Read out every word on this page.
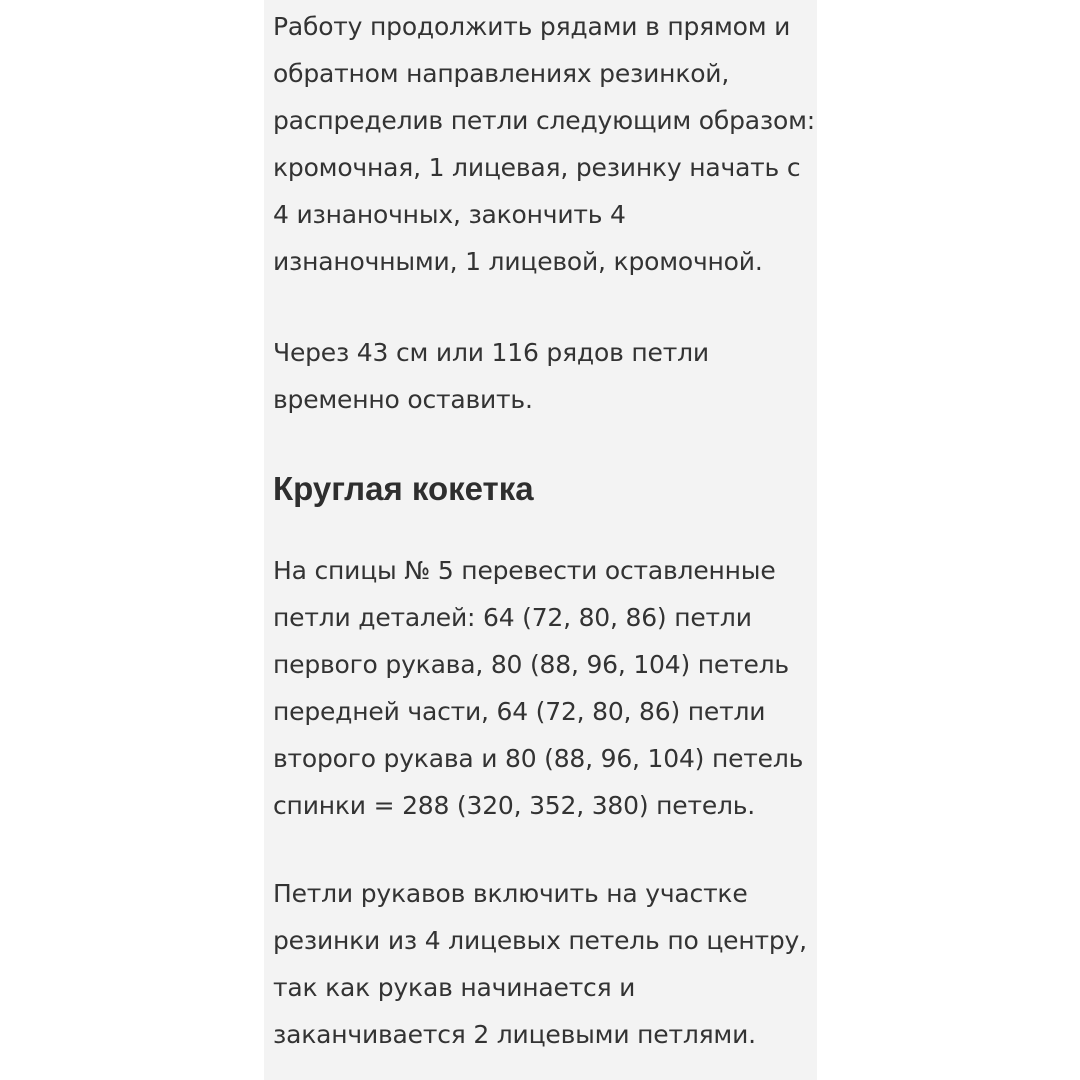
Работу продолжить рядами в прямом и
обратном направлениях резинкой,
распределив петли следующим образом:
кромочная, 1 лицевая, резинку начать с
4 изнаночных, закончить 4
изнаночными, 1 лицевой, кромочной.

Через 43 см или 116 рядов петли
временно оставить.

Круглая кокетка

На спицы № 5 перевести оставленные
петли деталей: 64 (72, 80, 86) петли
первого рукава, 80 (88, 96, 104) петель
передней части, 64 (72, 80, 86) петли
второго рукава и 80 (88, 96, 104) петель
спинки = 288 (320, 352, 380) петель.

Петли рукавов включить на участке
резинки из 4 лицевых петель по центру,
так как рукав начинается и
заканчивается 2 лицевыми петлями.
